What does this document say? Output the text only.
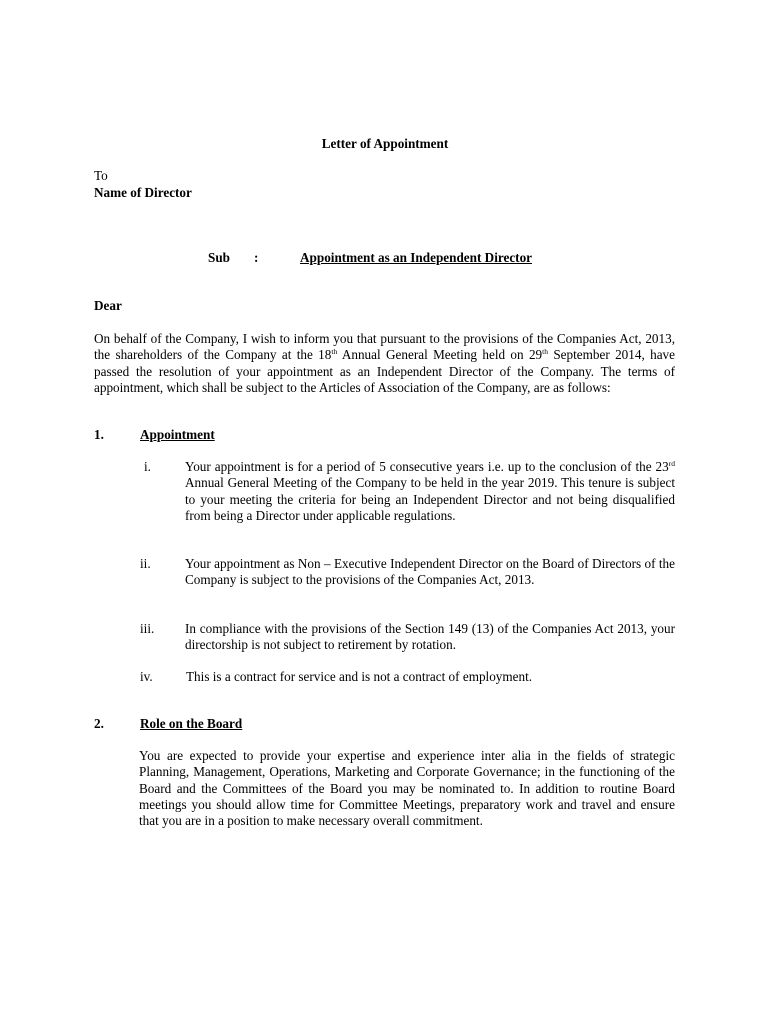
Letter of Appointment
To
Name of Director
Sub :	Appointment as an Independent Director
Dear
On behalf of the Company, I wish to inform you that pursuant to the provisions of the Companies Act, 2013, the shareholders of the Company at the 18th Annual General Meeting held on 29th September 2014, have passed the resolution of your appointment as an Independent Director of the Company. The terms of appointment, which shall be subject to the Articles of Association of the Company, are as follows:
1.	Appointment
i.	Your appointment is for a period of 5 consecutive years i.e. up to the conclusion of the 23rd Annual General Meeting of the Company to be held in the year 2019. This tenure is subject to your meeting the criteria for being an Independent Director and not being disqualified from being a Director under applicable regulations.
ii.	Your appointment as Non – Executive Independent Director on the Board of Directors of the Company is subject to the provisions of the Companies Act, 2013.
iii. In compliance with the provisions of the Section 149 (13) of the Companies Act 2013, your directorship is not subject to retirement by rotation.
iv.	This is a contract for service and is not a contract of employment.
2.	Role on the Board
You are expected to provide your expertise and experience inter alia in the fields of strategic Planning, Management, Operations, Marketing and Corporate Governance; in the functioning of the Board and the Committees of the Board you may be nominated to. In addition to routine Board meetings you should allow time for Committee Meetings, preparatory work and travel and ensure that you are in a position to make necessary overall commitment.
